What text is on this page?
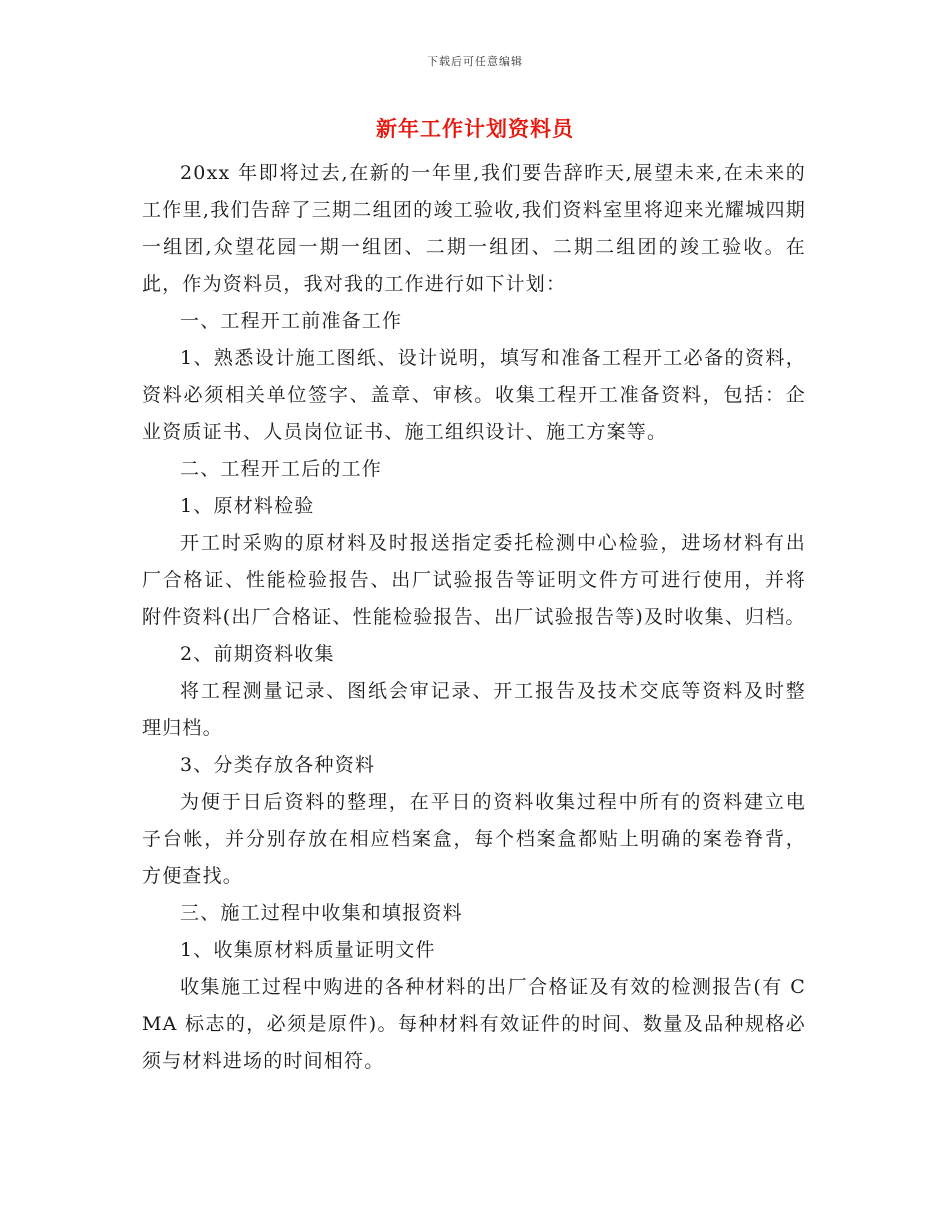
下载后可任意编辑
新年工作计划资料员

20xx 年即将过去,在新的一年里,我们要告辞昨天,展望未来,在未来的工作里,我们告辞了三期二组团的竣工验收,我们资料室里将迎来光耀城四期一组团,众望花园一期一组团、二期一组团、二期二组团的竣工验收。在此，作为资料员，我对我的工作进行如下计划：

一、工程开工前准备工作

1、熟悉设计施工图纸、设计说明，填写和准备工程开工必备的资料，资料必须相关单位签字、盖章、审核。收集工程开工准备资料，包括：企业资质证书、人员岗位证书、施工组织设计、施工方案等。

二、工程开工后的工作

1、原材料检验

开工时采购的原材料及时报送指定委托检测中心检验，进场材料有出厂合格证、性能检验报告、出厂试验报告等证明文件方可进行使用，并将附件资料(出厂合格证、性能检验报告、出厂试验报告等)及时收集、归档。

2、前期资料收集

将工程测量记录、图纸会审记录、开工报告及技术交底等资料及时整理归档。

3、分类存放各种资料

为便于日后资料的整理，在平日的资料收集过程中所有的资料建立电子台帐，并分别存放在相应档案盒，每个档案盒都贴上明确的案卷脊背，方便查找。

三、施工过程中收集和填报资料

1、收集原材料质量证明文件

收集施工过程中购进的各种材料的出厂合格证及有效的检测报告(有 CMA 标志的，必须是原件)。每种材料有效证件的时间、数量及品种规格必须与材料进场的时间相符。
